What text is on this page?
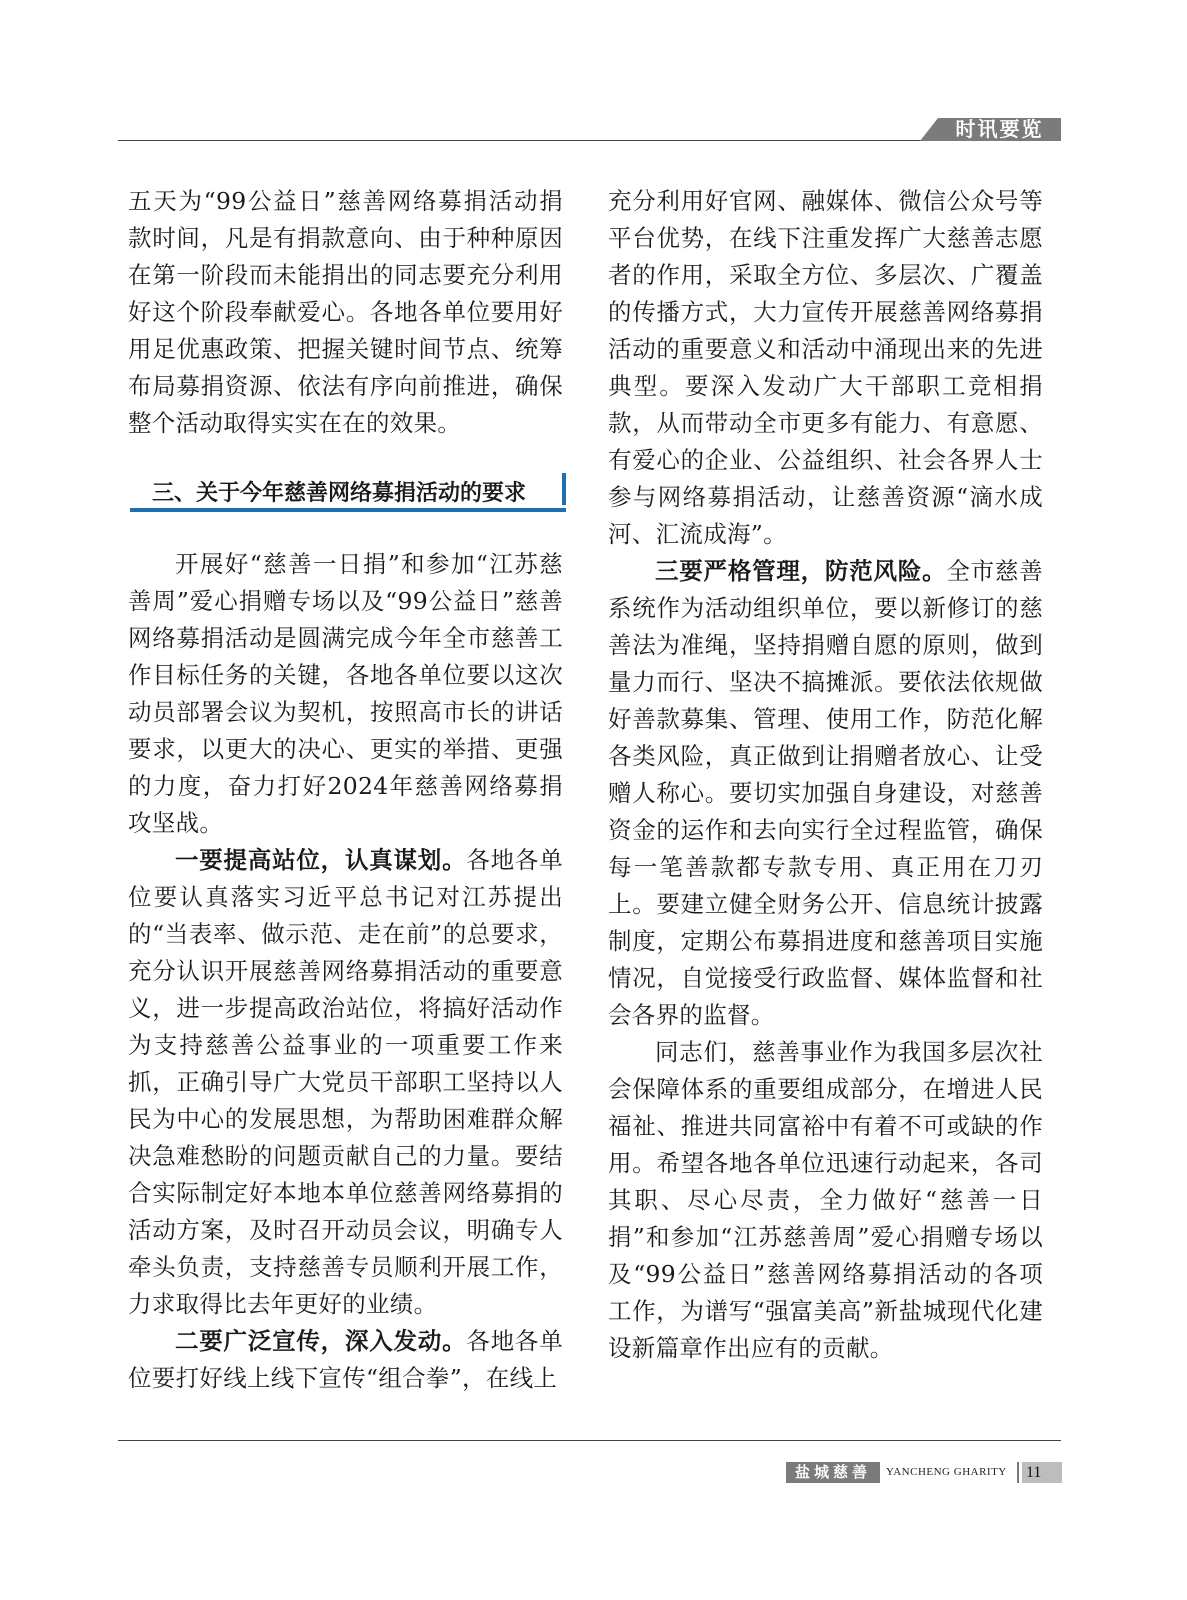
时讯要览

五天为“99公益日”慈善网络募捐活动捐款时间，凡是有捐款意向、由于种种原因在第一阶段而未能捐出的同志要充分利用好这个阶段奉献爱心。各地各单位要用好用足优惠政策、把握关键时间节点、统筹布局募捐资源、依法有序向前推进，确保整个活动取得实实在在的效果。

三、关于今年慈善网络募捐活动的要求

开展好“慈善一日捐”和参加“江苏慈善周”爱心捐赠专场以及“99公益日”慈善网络募捐活动是圆满完成今年全市慈善工作目标任务的关键，各地各单位要以这次动员部署会议为契机，按照高市长的讲话要求，以更大的决心、更实的举措、更强的力度，奋力打好2024年慈善网络募捐攻坚战。

一要提高站位，认真谋划。各地各单位要认真落实习近平总书记对江苏提出的“当表率、做示范、走在前”的总要求，充分认识开展慈善网络募捐活动的重要意义，进一步提高政治站位，将搞好活动作为支持慈善公益事业的一项重要工作来抓，正确引导广大党员干部职工坚持以人民为中心的发展思想，为帮助困难群众解决急难愁盼的问题贡献自己的力量。要结合实际制定好本地本单位慈善网络募捐的活动方案，及时召开动员会议，明确专人牵头负责，支持慈善专员顺利开展工作，力求取得比去年更好的业绩。

二要广泛宣传，深入发动。各地各单位要打好线上线下宣传“组合拳”，在线上

充分利用好官网、融媒体、微信公众号等平台优势，在线下注重发挥广大慈善志愿者的作用，采取全方位、多层次、广覆盖的传播方式，大力宣传开展慈善网络募捐活动的重要意义和活动中涌现出来的先进典型。要深入发动广大干部职工竞相捐款，从而带动全市更多有能力、有意愿、有爱心的企业、公益组织、社会各界人士参与网络募捐活动，让慈善资源“滴水成河、汇流成海”。

三要严格管理，防范风险。全市慈善系统作为活动组织单位，要以新修订的慈善法为准绳，坚持捐赠自愿的原则，做到量力而行、坚决不搞摊派。要依法依规做好善款募集、管理、使用工作，防范化解各类风险，真正做到让捐赠者放心、让受赠人称心。要切实加强自身建设，对慈善资金的运作和去向实行全过程监管，确保每一笔善款都专款专用、真正用在刀刃上。要建立健全财务公开、信息统计披露制度，定期公布募捐进度和慈善项目实施情况，自觉接受行政监督、媒体监督和社会各界的监督。

同志们，慈善事业作为我国多层次社会保障体系的重要组成部分，在增进人民福祉、推进共同富裕中有着不可或缺的作用。希望各地各单位迅速行动起来，各司其职、尽心尽责，全力做好“慈善一日捐”和参加“江苏慈善周”爱心捐赠专场以及“99公益日”慈善网络募捐活动的各项工作，为谱写“强富美高”新盐城现代化建设新篇章作出应有的贡献。

盐城慈善	YANCHENG GHARITY 11
